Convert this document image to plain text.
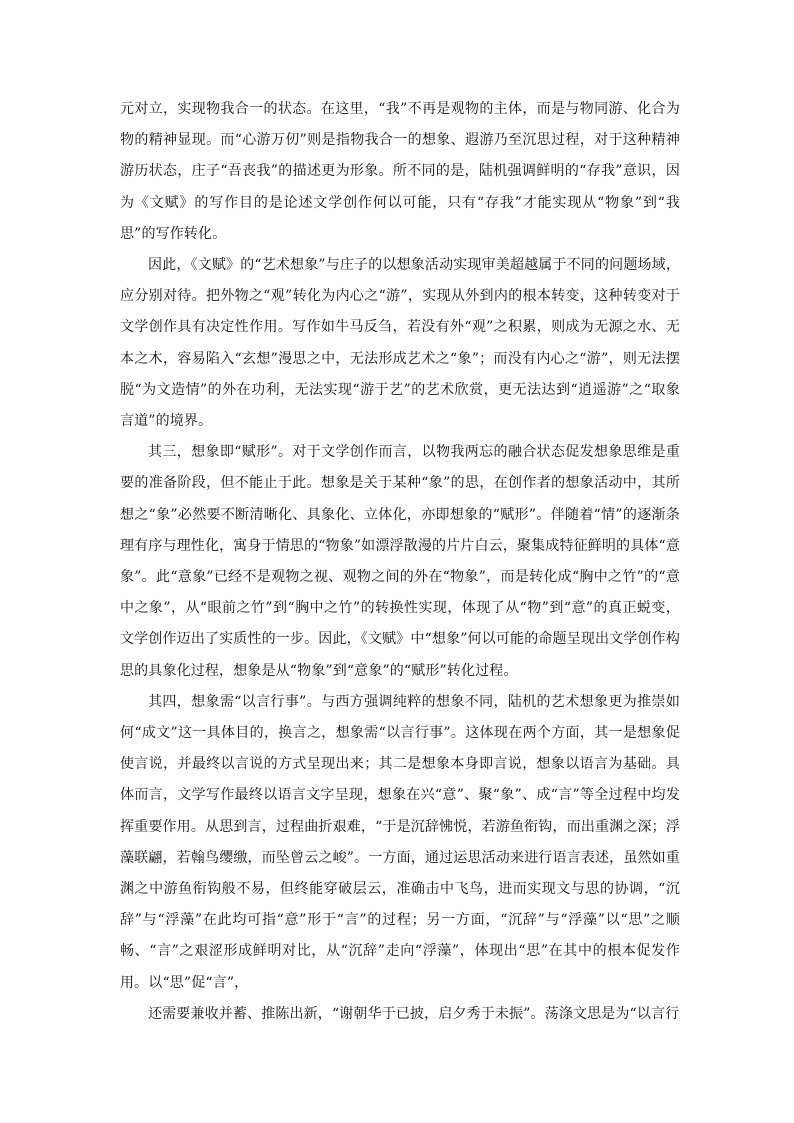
元对立，实现物我合一的状态。在这里，“我”不再是观物的主体，而是与物同游、化合为物的精神显现。而“心游万仞”则是指物我合一的想象、遐游乃至沉思过程，对于这种精神游历状态，庄子“吾丧我”的描述更为形象。所不同的是，陆机强调鲜明的“存我”意识，因为《文赋》的写作目的是论述文学创作何以可能，只有“存我”才能实现从“物象”到“我思”的写作转化。

因此，《文赋》的“艺术想象”与庄子的以想象活动实现审美超越属于不同的问题场域，应分别对待。把外物之“观”转化为内心之“游”，实现从外到内的根本转变，这种转变对于文学创作具有决定性作用。写作如牛马反刍，若没有外“观”之积累，则成为无源之水、无本之木，容易陷入“玄想”漫思之中，无法形成艺术之“象”；而没有内心之“游”，则无法摆脱“为文造情”的外在功利，无法实现“游于艺”的艺术欣赏，更无法达到“逍遥游”之“取象言道”的境界。

其三，想象即“赋形”。对于文学创作而言，以物我两忘的融合状态促发想象思维是重要的准备阶段，但不能止于此。想象是关于某种“象”的思，在创作者的想象活动中，其所想之“象”必然要不断清晰化、具象化、立体化，亦即想象的“赋形”。伴随着“情”的逐渐条理有序与理性化，寓身于情思的“物象”如漂浮散漫的片片白云，聚集成特征鲜明的具体“意象”。此“意象”已经不是观物之视、观物之间的外在“物象”，而是转化成“胸中之竹”的“意中之象”，从“眼前之竹”到“胸中之竹”的转换性实现，体现了从“物”到“意”的真正蜕变，文学创作迈出了实质性的一步。因此，《文赋》中“想象”何以可能的命题呈现出文学创作构思的具象化过程，想象是从“物象”到“意象”的“赋形”转化过程。

其四，想象需“以言行事”。与西方强调纯粹的想象不同，陆机的艺术想象更为推崇如何“成文”这一具体目的，换言之，想象需“以言行事”。这体现在两个方面，其一是想象促使言说，并最终以言说的方式呈现出来；其二是想象本身即言说，想象以语言为基础。具体而言，文学写作最终以语言文字呈现，想象在兴“意”、聚“象”、成“言”等全过程中均发挥重要作用。从思到言，过程曲折艰难，“于是沉辞怫悦，若游鱼衔钩，而出重渊之深；浮藻联翩，若翰鸟缨缴，而坠曾云之峻”。一方面，通过运思活动来进行语言表述，虽然如重渊之中游鱼衔钩般不易，但终能穿破层云，准确击中飞鸟，进而实现文与思的协调，“沉辞”与“浮藻”在此均可指“意”形于“言”的过程；另一方面，“沉辞”与“浮藻”以“思”之顺畅、“言”之艰涩形成鲜明对比，从“沉辞”走向“浮藻”，体现出“思”在其中的根本促发作用。以“思”促“言”，

还需要兼收并蓄、推陈出新，“谢朝华于已披，启夕秀于未振”。荡涤文思是为“以言行
